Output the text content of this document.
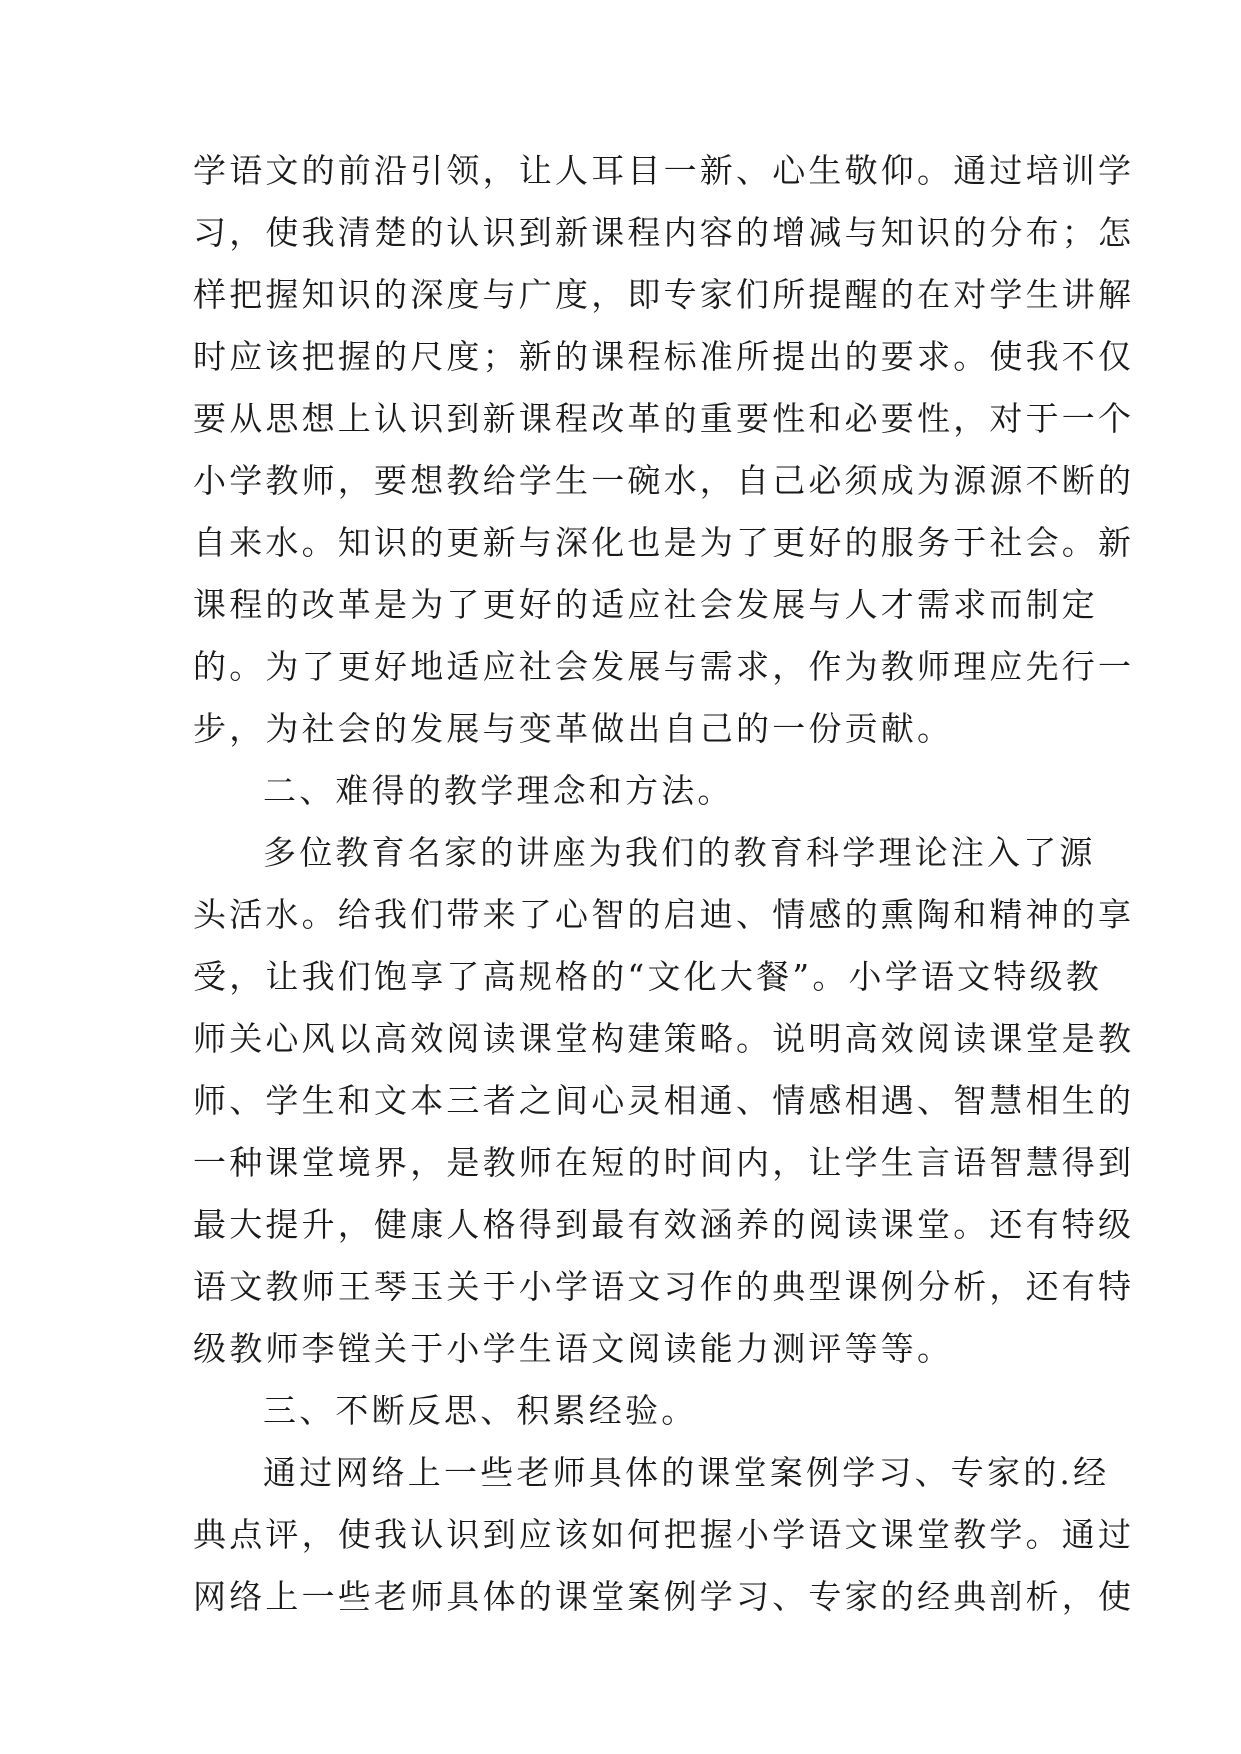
学语文的前沿引领，让人耳目一新、心生敬仰。通过培训学
习，使我清楚的认识到新课程内容的增减与知识的分布；怎
样把握知识的深度与广度，即专家们所提醒的在对学生讲解
时应该把握的尺度；新的课程标准所提出的要求。使我不仅
要从思想上认识到新课程改革的重要性和必要性，对于一个
小学教师，要想教给学生一碗水，自己必须成为源源不断的
自来水。知识的更新与深化也是为了更好的服务于社会。新
课程的改革是为了更好的适应社会发展与人才需求而制定
的。为了更好地适应社会发展与需求，作为教师理应先行一
步，为社会的发展与变革做出自己的一份贡献。
二、难得的教学理念和方法。
多位教育名家的讲座为我们的教育科学理论注入了源
头活水。给我们带来了心智的启迪、情感的熏陶和精神的享
受，让我们饱享了高规格的“文化大餐”。小学语文特级教
师关心风以高效阅读课堂构建策略。说明高效阅读课堂是教
师、学生和文本三者之间心灵相通、情感相遇、智慧相生的
一种课堂境界，是教师在短的时间内，让学生言语智慧得到
最大提升，健康人格得到最有效涵养的阅读课堂。还有特级
语文教师王琴玉关于小学语文习作的典型课例分析，还有特
级教师李镗关于小学生语文阅读能力测评等等。
三、不断反思、积累经验。
通过网络上一些老师具体的课堂案例学习、专家的.经
典点评，使我认识到应该如何把握小学语文课堂教学。通过
网络上一些老师具体的课堂案例学习、专家的经典剖析，使
